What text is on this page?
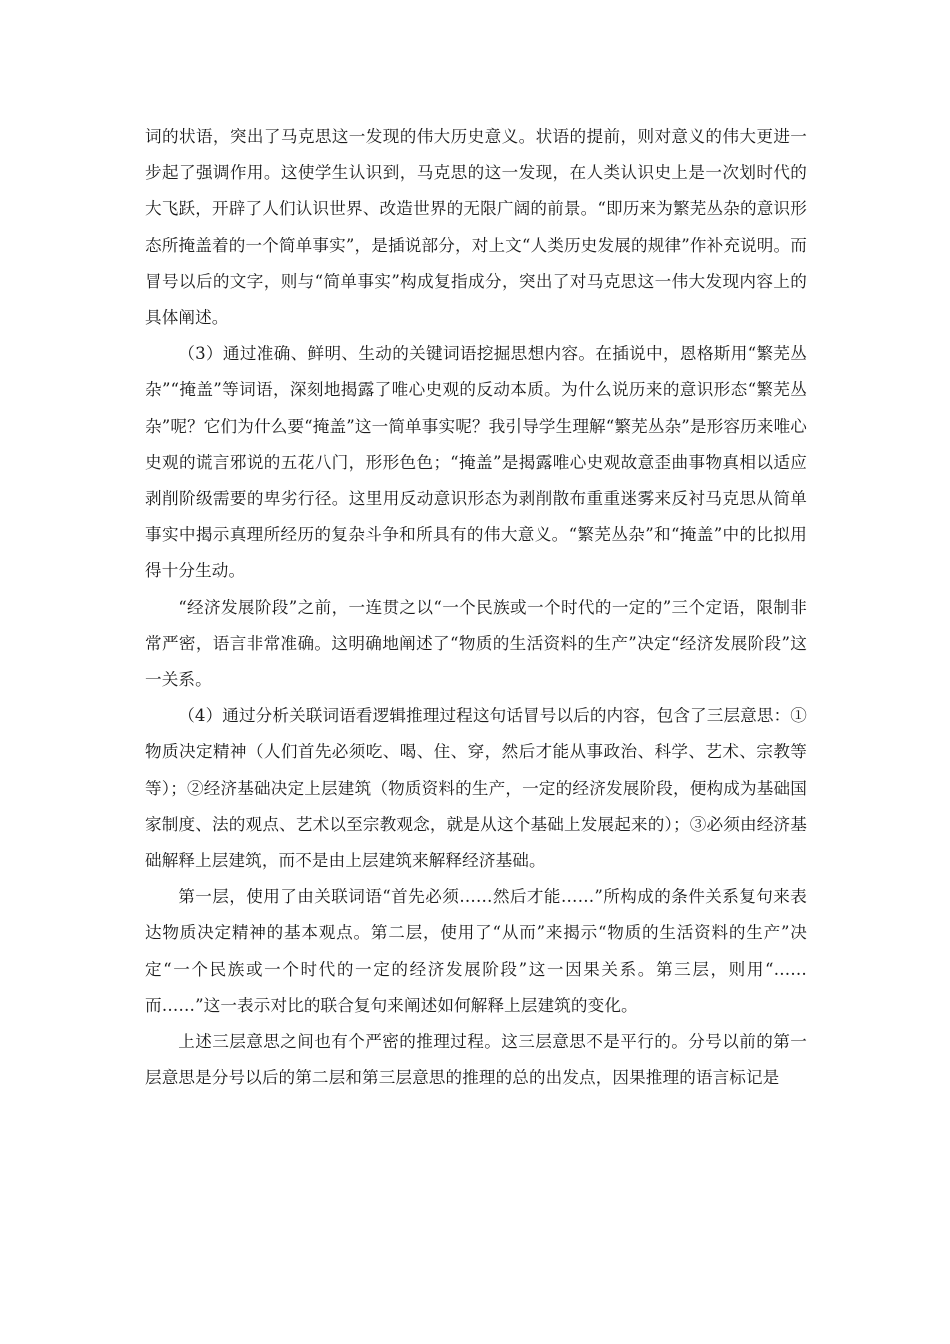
词的状语，突出了马克思这一发现的伟大历史意义。状语的提前，则对意义的伟大更进一步起了强调作用。这使学生认识到，马克思的这一发现，在人类认识史上是一次划时代的大飞跃，开辟了人们认识世界、改造世界的无限广阔的前景。“即历来为繁芜丛杂的意识形态所掩盖着的一个简单事实”，是插说部分，对上文“人类历史发展的规律”作补充说明。而冒号以后的文字，则与“简单事实”构成复指成分，突出了对马克思这一伟大发现内容上的具体阐述。

（3）通过准确、鲜明、生动的关键词语挖掘思想内容。在插说中，恩格斯用“繁芜丛杂”“掩盖”等词语，深刻地揭露了唯心史观的反动本质。为什么说历来的意识形态“繁芜丛杂”呢？它们为什么要“掩盖”这一简单事实呢？我引导学生理解“繁芜丛杂”是形容历来唯心史观的谎言邪说的五花八门，形形色色；“掩盖”是揭露唯心史观故意歪曲事物真相以适应剥削阶级需要的卑劣行径。这里用反动意识形态为剥削散布重重迷雾来反衬马克思从简单事实中揭示真理所经历的复杂斗争和所具有的伟大意义。“繁芜丛杂”和“掩盖”中的比拟用得十分生动。

“经济发展阶段”之前，一连贯之以“一个民族或一个时代的一定的”三个定语，限制非常严密，语言非常准确。这明确地阐述了“物质的生活资料的生产”决定“经济发展阶段”这一关系。

（4）通过分析关联词语看逻辑推理过程这句话冒号以后的内容，包含了三层意思：①物质决定精神（人们首先必须吃、喝、住、穿，然后才能从事政治、科学、艺术、宗教等等）；②经济基础决定上层建筑（物质资料的生产，一定的经济发展阶段，便构成为基础国家制度、法的观点、艺术以至宗教观念，就是从这个基础上发展起来的）；③必须由经济基础解释上层建筑，而不是由上层建筑来解释经济基础。

第一层，使用了由关联词语“首先必须……然后才能……”所构成的条件关系复句来表达物质决定精神的基本观点。第二层，使用了“从而”来揭示“物质的生活资料的生产”决定“一个民族或一个时代的一定的经济发展阶段”这一因果关系。第三层，则用“……而……”这一表示对比的联合复句来阐述如何解释上层建筑的变化。

上述三层意思之间也有个严密的推理过程。这三层意思不是平行的。分号以前的第一层意思是分号以后的第二层和第三层意思的推理的总的出发点，因果推理的语言标记是
